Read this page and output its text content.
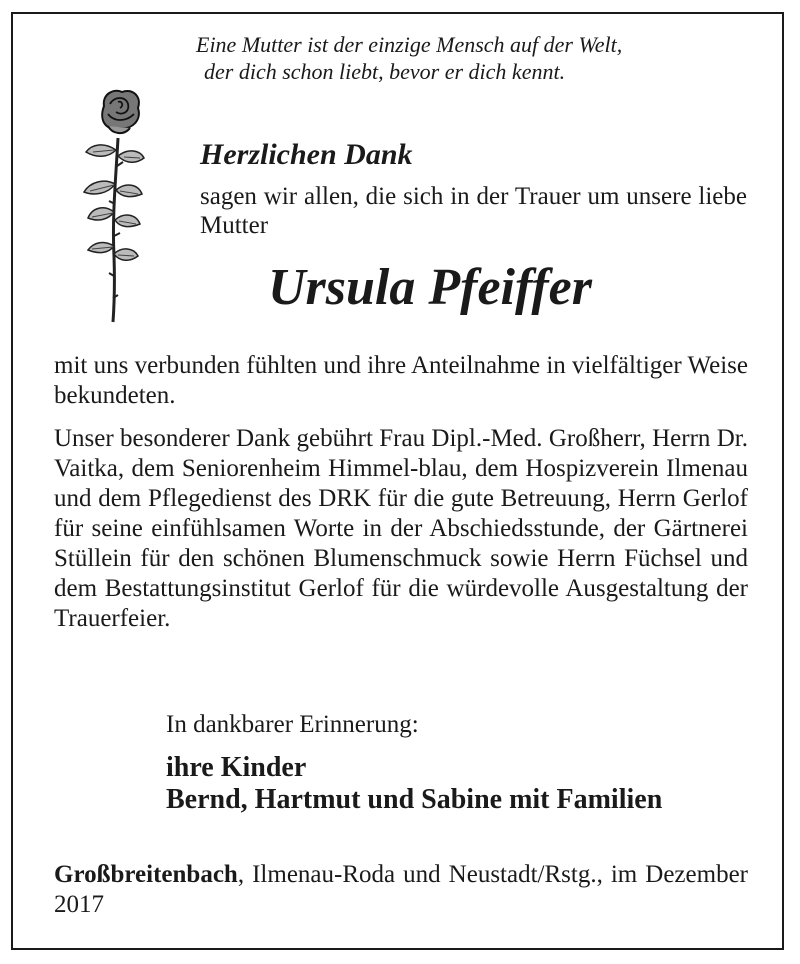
Eine Mutter ist der einzige Mensch auf der Welt,
der dich schon liebt, bevor er dich kennt.
Herzlichen Dank
sagen wir allen, die sich in der Trauer um unsere liebe Mutter
Ursula Pfeiffer
mit uns verbunden fühlten und ihre Anteilnahme in vielfältiger Weise bekundeten.
Unser besonderer Dank gebührt Frau Dipl.-Med. Großherr, Herrn Dr. Vaitka, dem Seniorenheim Himmel-blau, dem Hospizverein Ilmenau und dem Pflegedienst des DRK für die gute Betreuung, Herrn Gerlof für seine einfühlsamen Worte in der Abschiedsstunde, der Gärtnerei Stüllein für den schönen Blumenschmuck sowie Herrn Füchsel und dem Bestattungsinstitut Gerlof für die würdevolle Ausgestaltung der Trauerfeier.
In dankbarer Erinnerung:
ihre Kinder
Bernd, Hartmut und Sabine mit Familien
Großbreitenbach, Ilmenau-Roda und Neustadt/Rstg., im Dezember 2017
